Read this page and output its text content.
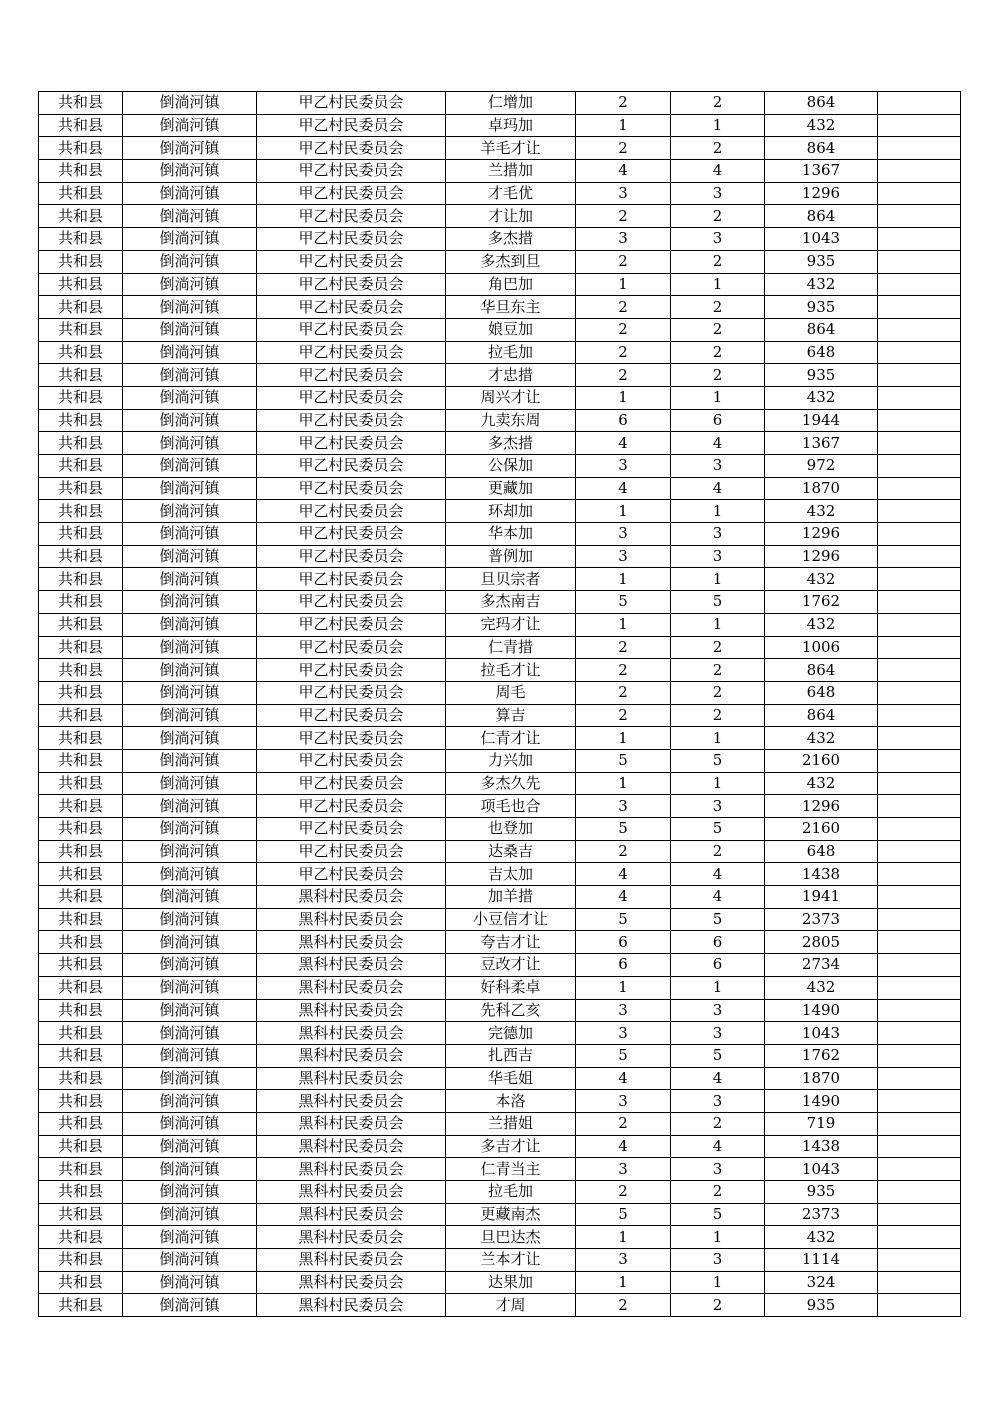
共和县	倒淌河镇	甲乙村民委员会	仁增加	2	2	864	
共和县	倒淌河镇	甲乙村民委员会	卓玛加	1	1	432	
共和县	倒淌河镇	甲乙村民委员会	羊毛才让	2	2	864	
共和县	倒淌河镇	甲乙村民委员会	兰措加	4	4	1367	
共和县	倒淌河镇	甲乙村民委员会	才毛优	3	3	1296	
共和县	倒淌河镇	甲乙村民委员会	才让加	2	2	864	
共和县	倒淌河镇	甲乙村民委员会	多杰措	3	3	1043	
共和县	倒淌河镇	甲乙村民委员会	多杰到旦	2	2	935	
共和县	倒淌河镇	甲乙村民委员会	角巴加	1	1	432	
共和县	倒淌河镇	甲乙村民委员会	华旦东主	2	2	935	
共和县	倒淌河镇	甲乙村民委员会	娘豆加	2	2	864	
共和县	倒淌河镇	甲乙村民委员会	拉毛加	2	2	648	
共和县	倒淌河镇	甲乙村民委员会	才忠措	2	2	935	
共和县	倒淌河镇	甲乙村民委员会	周兴才让	1	1	432	
共和县	倒淌河镇	甲乙村民委员会	九卖东周	6	6	1944	
共和县	倒淌河镇	甲乙村民委员会	多杰措	4	4	1367	
共和县	倒淌河镇	甲乙村民委员会	公保加	3	3	972	
共和县	倒淌河镇	甲乙村民委员会	更藏加	4	4	1870	
共和县	倒淌河镇	甲乙村民委员会	环却加	1	1	432	
共和县	倒淌河镇	甲乙村民委员会	华本加	3	3	1296	
共和县	倒淌河镇	甲乙村民委员会	普例加	3	3	1296	
共和县	倒淌河镇	甲乙村民委员会	旦贝宗者	1	1	432	
共和县	倒淌河镇	甲乙村民委员会	多杰南吉	5	5	1762	
共和县	倒淌河镇	甲乙村民委员会	完玛才让	1	1	432	
共和县	倒淌河镇	甲乙村民委员会	仁青措	2	2	1006	
共和县	倒淌河镇	甲乙村民委员会	拉毛才让	2	2	864	
共和县	倒淌河镇	甲乙村民委员会	周毛	2	2	648	
共和县	倒淌河镇	甲乙村民委员会	算吉	2	2	864	
共和县	倒淌河镇	甲乙村民委员会	仁青才让	1	1	432	
共和县	倒淌河镇	甲乙村民委员会	力兴加	5	5	2160	
共和县	倒淌河镇	甲乙村民委员会	多杰久先	1	1	432	
共和县	倒淌河镇	甲乙村民委员会	项毛也合	3	3	1296	
共和县	倒淌河镇	甲乙村民委员会	也登加	5	5	2160	
共和县	倒淌河镇	甲乙村民委员会	达桑吉	2	2	648	
共和县	倒淌河镇	甲乙村民委员会	吉太加	4	4	1438	
共和县	倒淌河镇	黑科村民委员会	加羊措	4	4	1941	
共和县	倒淌河镇	黑科村民委员会	小豆信才让	5	5	2373	
共和县	倒淌河镇	黑科村民委员会	夸吉才让	6	6	2805	
共和县	倒淌河镇	黑科村民委员会	豆改才让	6	6	2734	
共和县	倒淌河镇	黑科村民委员会	好科柔卓	1	1	432	
共和县	倒淌河镇	黑科村民委员会	先科乙亥	3	3	1490	
共和县	倒淌河镇	黑科村民委员会	完德加	3	3	1043	
共和县	倒淌河镇	黑科村民委员会	扎西吉	5	5	1762	
共和县	倒淌河镇	黑科村民委员会	华毛姐	4	4	1870	
共和县	倒淌河镇	黑科村民委员会	本洛	3	3	1490	
共和县	倒淌河镇	黑科村民委员会	兰措姐	2	2	719	
共和县	倒淌河镇	黑科村民委员会	多吉才让	4	4	1438	
共和县	倒淌河镇	黑科村民委员会	仁青当主	3	3	1043	
共和县	倒淌河镇	黑科村民委员会	拉毛加	2	2	935	
共和县	倒淌河镇	黑科村民委员会	更藏南杰	5	5	2373	
共和县	倒淌河镇	黑科村民委员会	旦巴达杰	1	1	432	
共和县	倒淌河镇	黑科村民委员会	兰本才让	3	3	1114	
共和县	倒淌河镇	黑科村民委员会	达果加	1	1	324	
共和县	倒淌河镇	黑科村民委员会	才周	2	2	935	
